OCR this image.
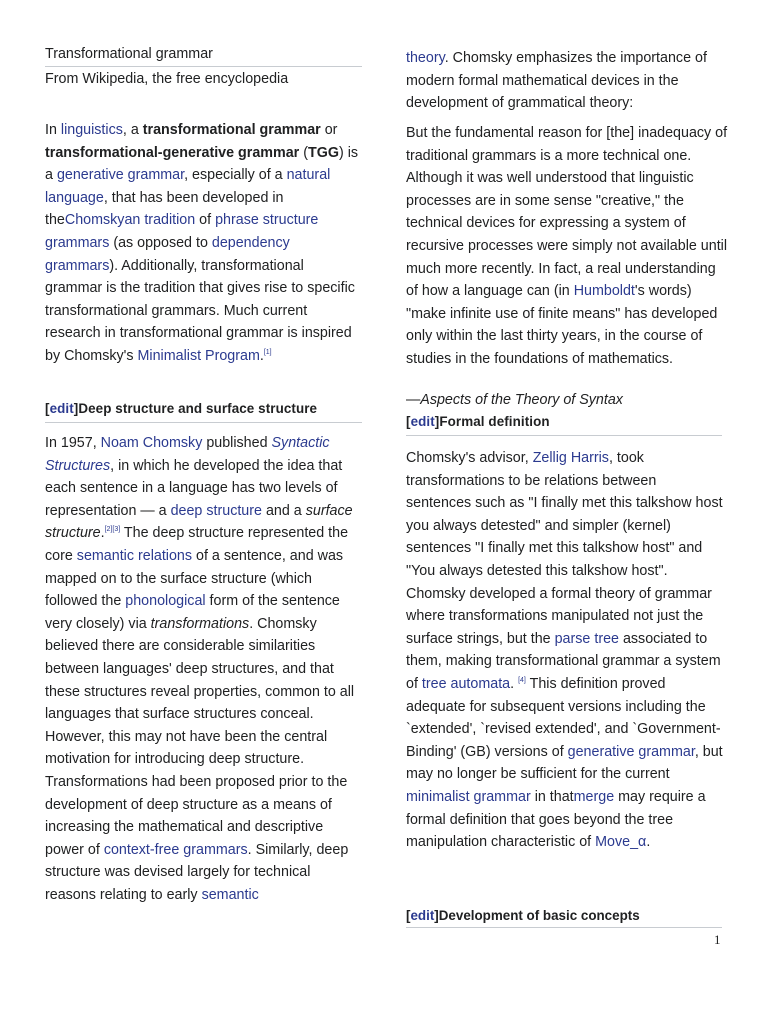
Transformational grammar
From Wikipedia, the free encyclopedia

In linguistics, a transformational grammar or transformational-generative grammar (TGG) is a generative grammar, especially of a natural language, that has been developed in theChomskyan tradition of phrase structure grammars (as opposed to dependency grammars). Additionally, transformational grammar is the tradition that gives rise to specific transformational grammars. Much current research in transformational grammar is inspired by Chomsky's Minimalist Program.[1]

[edit]Deep structure and surface structure

In 1957, Noam Chomsky published Syntactic Structures, in which he developed the idea that each sentence in a language has two levels of representation — a deep structure and a surface structure.[2][3] The deep structure represented the core semantic relations of a sentence, and was mapped on to the surface structure (which followed the phonological form of the sentence very closely) via transformations. Chomsky believed there are considerable similarities between languages' deep structures, and that these structures reveal properties, common to all languages that surface structures conceal. However, this may not have been the central motivation for introducing deep structure. Transformations had been proposed prior to the development of deep structure as a means of increasing the mathematical and descriptive power of context-free grammars. Similarly, deep structure was devised largely for technical reasons relating to early semantic

theory. Chomsky emphasizes the importance of modern formal mathematical devices in the development of grammatical theory:

But the fundamental reason for [the] inadequacy of traditional grammars is a more technical one. Although it was well understood that linguistic processes are in some sense "creative," the technical devices for expressing a system of recursive processes were simply not available until much more recently. In fact, a real understanding of how a language can (in Humboldt's words) "make infinite use of finite means" has developed only within the last thirty years, in the course of studies in the foundations of mathematics.

—Aspects of the Theory of Syntax
[edit]Formal definition

Chomsky's advisor, Zellig Harris, took transformations to be relations between sentences such as "I finally met this talkshow host you always detested" and simpler (kernel) sentences "I finally met this talkshow host" and "You always detested this talkshow host". Chomsky developed a formal theory of grammar where transformations manipulated not just the surface strings, but the parse tree associated to them, making transformational grammar a system of tree automata. [4] This definition proved adequate for subsequent versions including the `extended', `revised extended', and `Government-Binding' (GB) versions of generative grammar, but may no longer be sufficient for the current minimalist grammar in thatmerge may require a formal definition that goes beyond the tree manipulation characteristic of Move_α.

[edit]Development of basic concepts
1
